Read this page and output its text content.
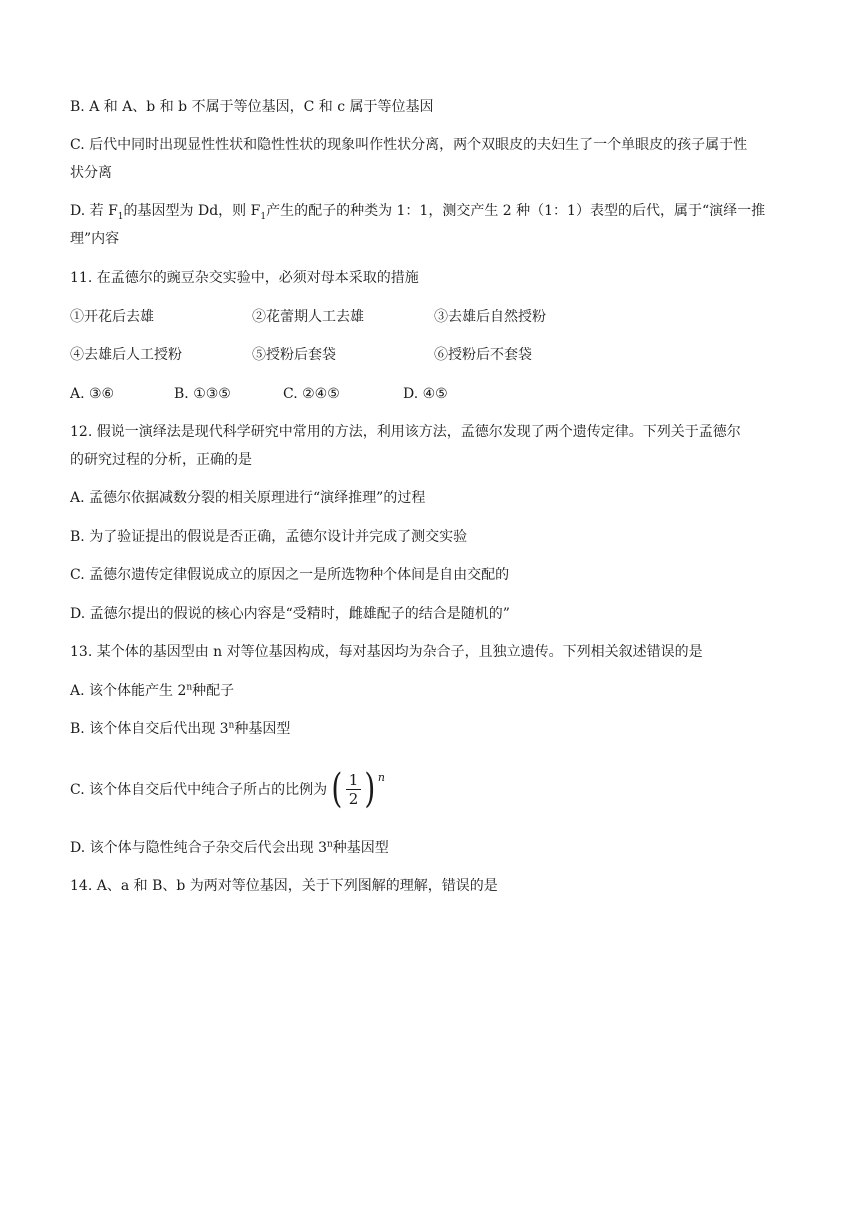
B. A 和 A、b 和 b 不属于等位基因，C 和 c 属于等位基因
C. 后代中同时出现显性性状和隐性性状的现象叫作性状分离，两个双眼皮的夫妇生了一个单眼皮的孩子属于性
状分离
D. 若 $F_1$的基因型为 Dd，则 $F_1$产生的配子的种类为 1：1，测交产生 2 种（1：1）表型的后代，属于“演绎一推
理”内容
11. 在孟德尔的豌豆杂交实验中，必须对母本采取的措施
①开花后去雄	②花蕾期人工去雄	③去雄后自然授粉
④去雄后人工授粉	⑤授粉后套袋	⑥授粉后不套袋
A. ③⑥	B. ①③⑤	C. ②④⑤	D. ④⑤
12. 假说一演绎法是现代科学研究中常用的方法，利用该方法，孟德尔发现了两个遗传定律。下列关于孟德尔
的研究过程的分析，正确的是
A. 孟德尔依据减数分裂的相关原理进行“演绎推理”的过程
B. 为了验证提出的假说是否正确，孟德尔设计并完成了测交实验
C. 孟德尔遗传定律假说成立的原因之一是所选物种个体间是自由交配的
D. 孟德尔提出的假说的核心内容是“受精时，雌雄配子的结合是随机的”
13. 某个体的基因型由 n 对等位基因构成，每对基因均为杂合子，且独立遗传。下列相关叙述错误的是
A. 该个体能产生 2$^n$种配子
B. 该个体自交后代出现 3$^n$种基因型
C. 该个体自交后代中纯合子所占的比例为 ( $\frac{1}{2}$ ) n
D. 该个体与隐性纯合子杂交后代会出现 3$^n$种基因型
14. A、a 和 B、b 为两对等位基因，关于下列图解的理解，错误的是
